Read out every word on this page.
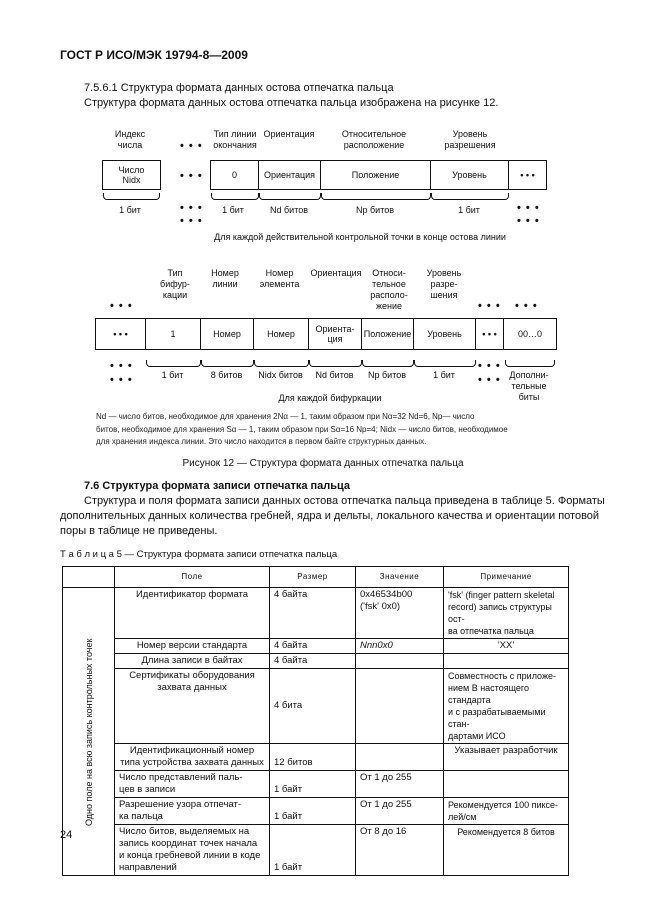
ГОСТ Р ИСО/МЭК 19794-8—2009
7.5.6.1 Структура формата данных остова отпечатка пальца
Структура формата данных остова отпечатка пальца изображена на рисунке 12.
Индекс
числа
Тип линии
окончания
Ориентация	Относительное
расположение
Уровень
разрешения
• • •
• • •
• • •
• • •
• • •
• • •
Число
Nidx	0	Ориентация	Положение	Уровень	• • •
1 бит	1 бит	Nd битов	Np битов	1 бит
Для каждой действительной контрольной точки в конце остова линии
Тип
бифур-
кации
Номер
линии
Номер
элемента
Ориентация	Относи-
тельное
располо-
жение
Уровень
разре-
шения
• • •	• • • • • •
• • •	1	Номер	Номер	Ориента-
ция	Положение	Уровень	• • •	00…0
• • •
• • •
• • •
• • •
1 бит	8 битов	Nidx битов	Nd битов	Np битов	1 бит	Дополни-
тельные
биты
Для каждой бифуркации
Nd — число битов, необходимое для хранения 2Nα — 1, таким образом при Nα=32 Nd=6, Np— число
битов, необходимое для хранения Sα — 1, таким образом при Sα=16 Np=4; Nidx — число битов, необходимое
для хранения индекса линии. Это число находится в первом байте структурных данных.
Рисунок 12 — Структура формата данных отпечатка пальца
7.6 Структура формата записи отпечатка пальца
Структура и поля формата записи данных остова отпечатка пальца приведена в таблице 5. Форматы
дополнительных данных количества гребней, ядра и дельты, локального качества и ориентации потовой
поры в таблице не приведены.
Т а б л и ц а 5 — Структура формата записи отпечатка пальца
	Поле	Размер	Значение	Примечание
Одно поле на всю запись контрольных точек	Идентификатор формата	4 байта	0x46534b00
('fsk' 0x0)	'fsk' (finger pattern skeletal
record) запись структуры ост-
ва отпечатка пальца
	Номер версии стандарта	4 байта	Nnn0x0	'XX'
	Длина записи в байтах	4 байта		
	Сертификаты оборудования
захвата данных	4 бита		Совместность с приложе-
нием В настоящего стандарта
и с разрабатываемыми стан-
дартами ИСО
	Идентификационный номер
типа устройства захвата данных	12 битов		Указывает разработчик
	Число представлений паль-
цев в записи	1 байт	От 1 до 255	
	Разрешение узора отпечат-
ка пальца	1 байт	От 1 до 255	Рекомендуется 100 пиксе-
лей/см
	Число битов, выделяемых на
запись координат точек начала
и конца гребневой линии в коде
направлений	1 байт	От 8 до 16	Рекомендуется 8 битов
24
